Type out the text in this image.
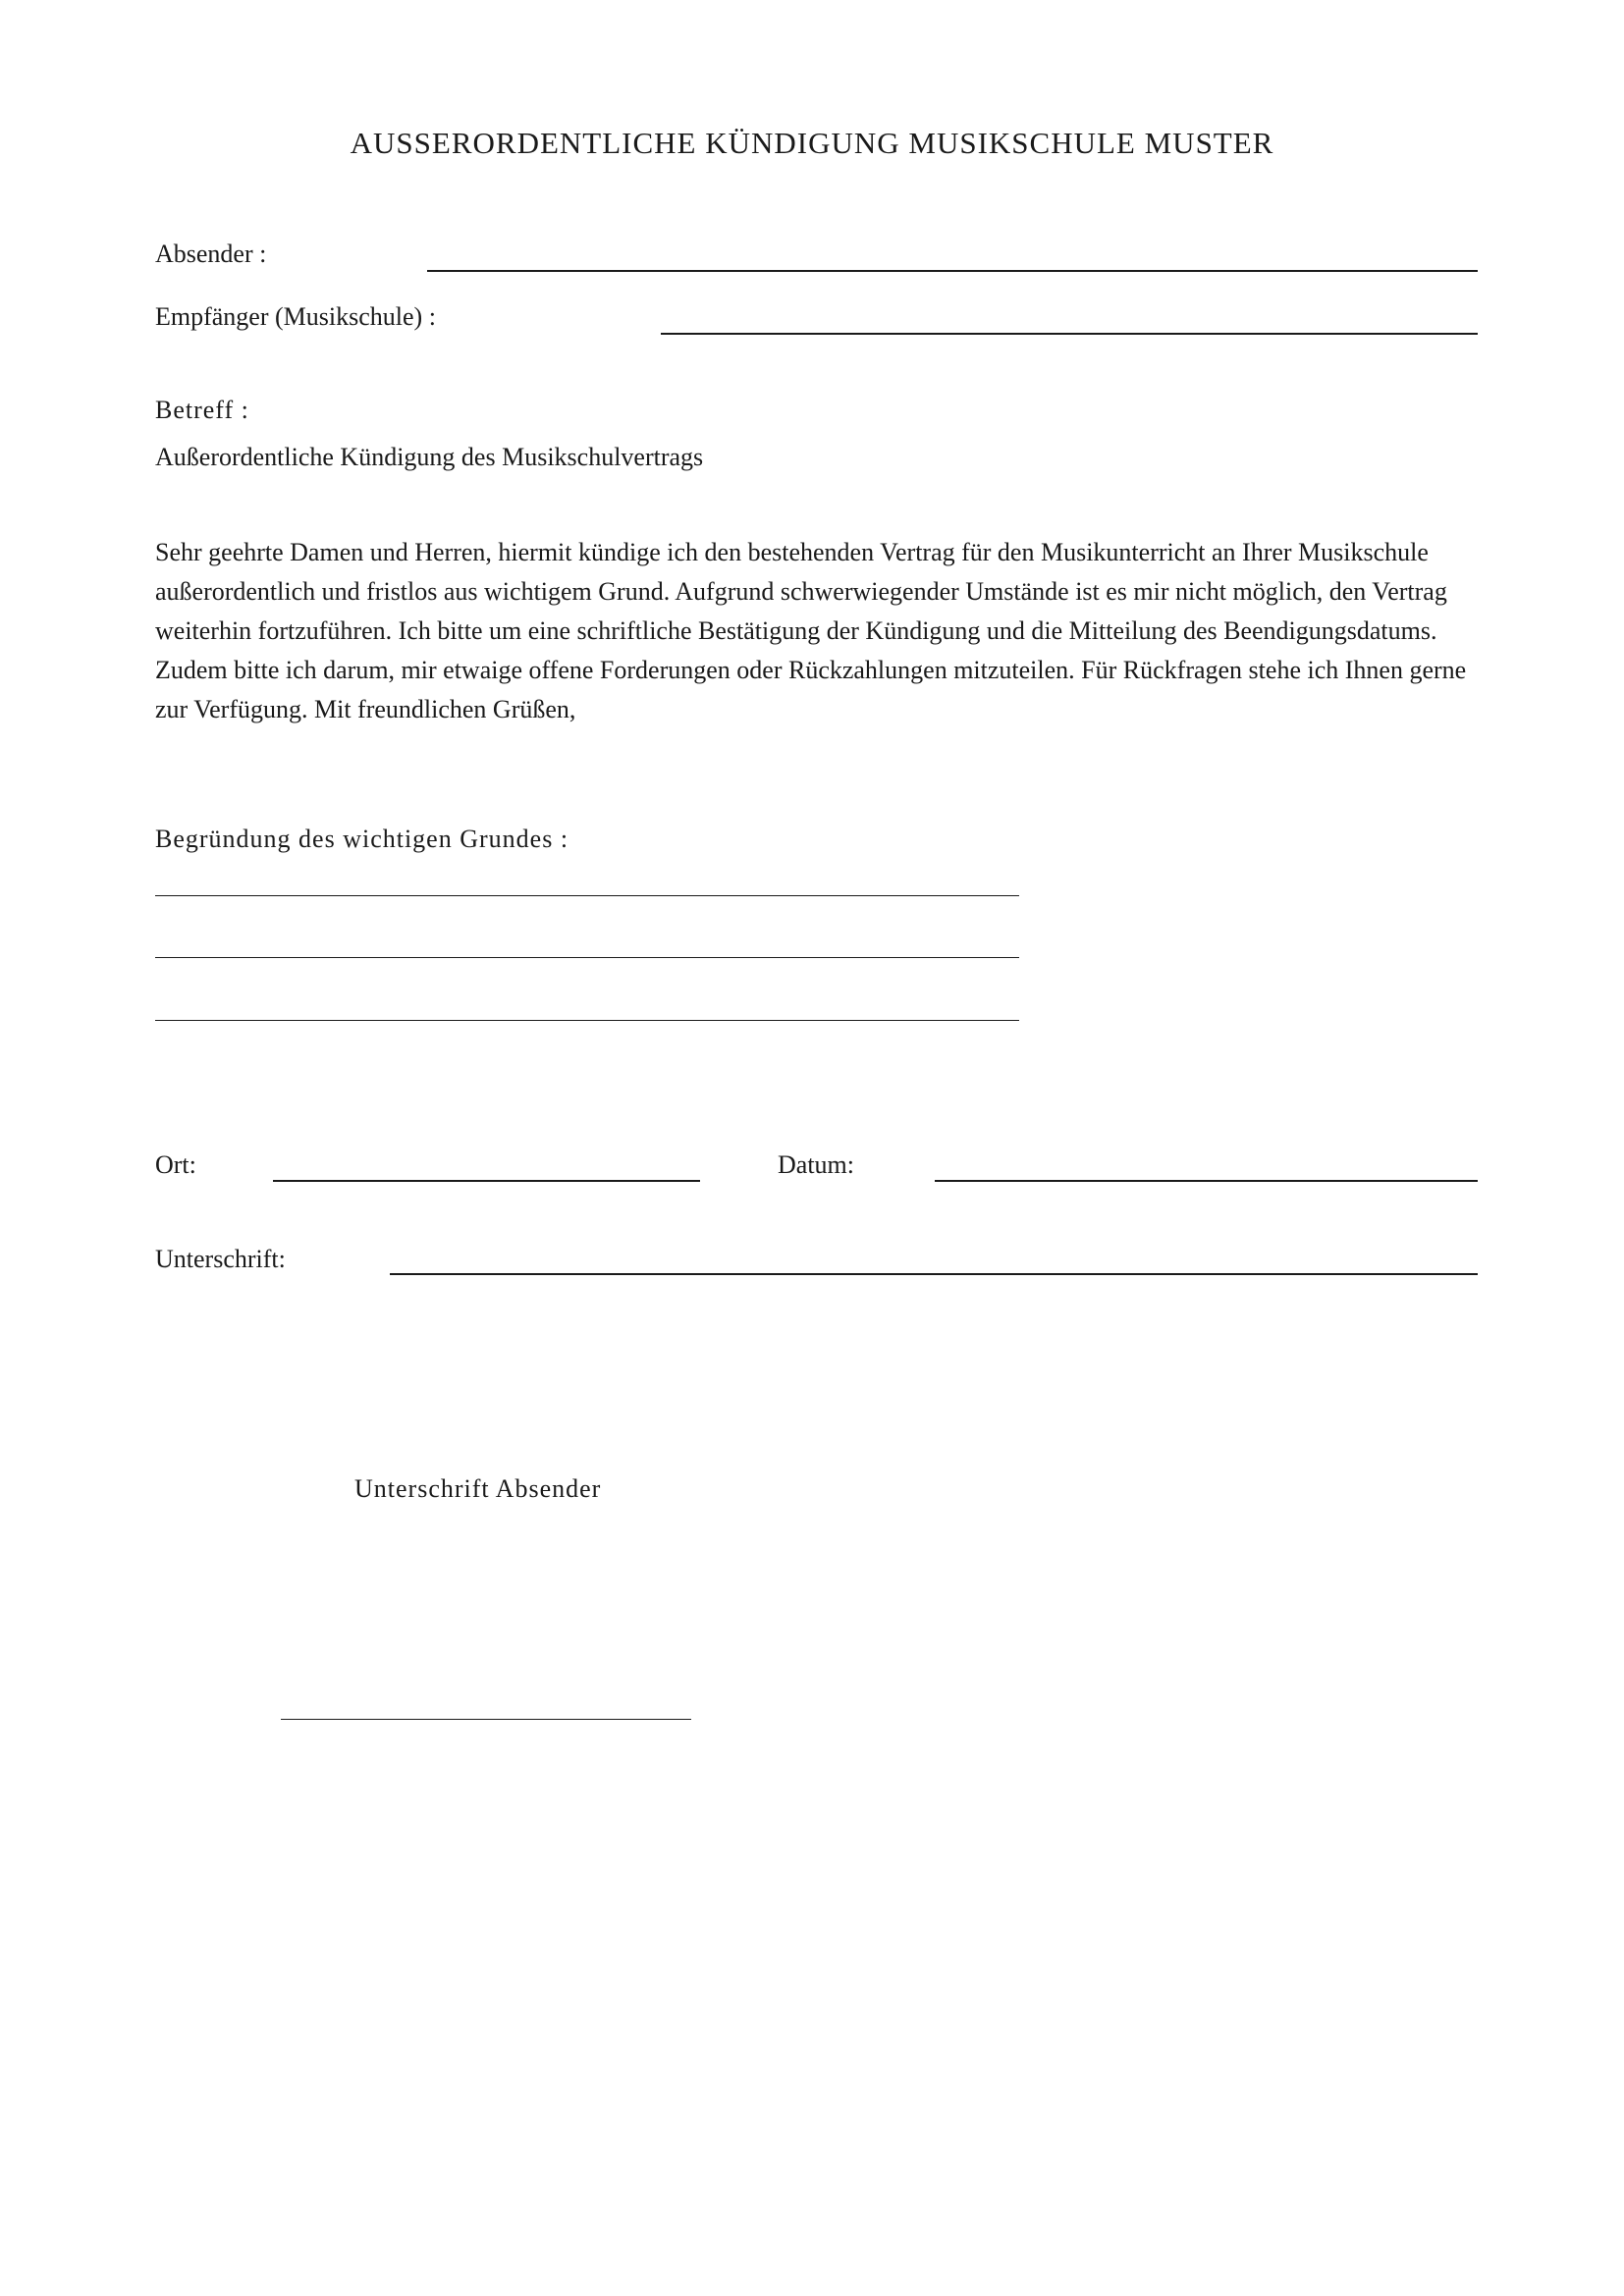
AUSSERORDENTLICHE KÜNDIGUNG MUSIKSCHULE MUSTER
Absender :
Empfänger (Musikschule) :
Betreff :
Außerordentliche Kündigung des Musikschulvertrags
Sehr geehrte Damen und Herren, hiermit kündige ich den bestehenden Vertrag für den Musikunterricht an Ihrer Musikschule außerordentlich und fristlos aus wichtigem Grund. Aufgrund schwerwiegender Umstände ist es mir nicht möglich, den Vertrag weiterhin fortzuführen. Ich bitte um eine schriftliche Bestätigung der Kündigung und die Mitteilung des Beendigungsdatums. Zudem bitte ich darum, mir etwaige offene Forderungen oder Rückzahlungen mitzuteilen. Für Rückfragen stehe ich Ihnen gerne zur Verfügung. Mit freundlichen Grüßen,
Begründung des wichtigen Grundes :
Ort:	Datum:
Unterschrift:
Unterschrift Absender
